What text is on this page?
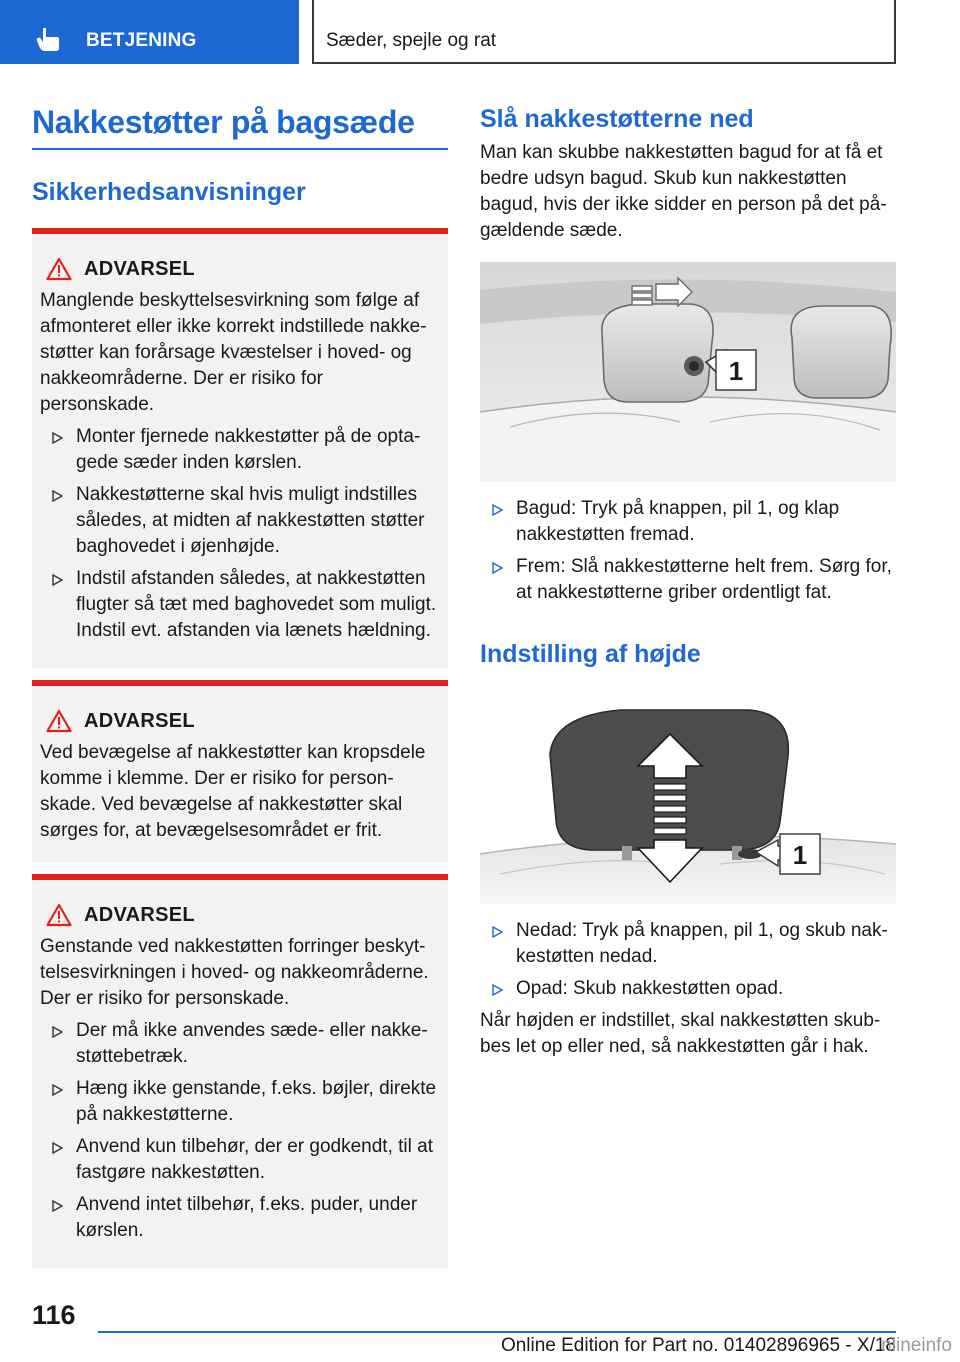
BETJENING	Sæder, spejle og rat
Nakkestøtter på bagsæde
Sikkerhedsanvisninger
ADVARSEL

Manglende beskyttelsesvirkning som følge af afmonteret eller ikke korrekt indstillede nakkestøtter kan forårsage kvæstelser i hoved- og nakkeområderne. Der er risiko for personskade.

Monter fjernede nakkestøtter på de optagede sæder inden kørslen.
Nakkestøtterne skal hvis muligt indstilles således, at midten af nakkestøtten støtter baghovedet i øjenhøjde.
Indstil afstanden således, at nakkestøtten flugter så tæt med baghovedet som muligt. Indstil evt. afstanden via lænets hældning.
ADVARSEL

Ved bevægelse af nakkestøtter kan kropsdele komme i klemme. Der er risiko for personskade. Ved bevægelse af nakkestøtter skal sørges for, at bevægelsesområdet er frit.

ADVARSEL

Genstande ved nakkestøtten forringer beskyttelsesvirkningen i hoved- og nakkeområderne. Der er risiko for personskade.

Der må ikke anvendes sæde- eller nakkestøttebetræk.
Hæng ikke genstande, f.eks. bøjler, direkte på nakkestøtterne.
Anvend kun tilbehør, der er godkendt, til at fastgøre nakkestøtten.
Anvend intet tilbehør, f.eks. puder, under kørslen.
Slå nakkestøtterne ned

Man kan skubbe nakkestøtten bagud for at få et bedre udsyn bagud. Skub kun nakkestøtten bagud, hvis der ikke sidder en person på det pågældende sæde.

1
Bagud: Tryk på knappen, pil 1, og klap nakkestøtten fremad.
Frem: Slå nakkestøtterne helt frem. Sørg for, at nakkestøtterne griber ordentligt fat.
Indstilling af højde
1
Nedad: Tryk på knappen, pil 1, og skub nakkestøtten nedad.
Opad: Skub nakkestøtten opad.

Når højden er indstillet, skal nakkestøtten skubbes let op eller ned, så nakkestøtten går i hak.

116
Online Edition for Part no. 01402896965 - X/18
nlineinfo
